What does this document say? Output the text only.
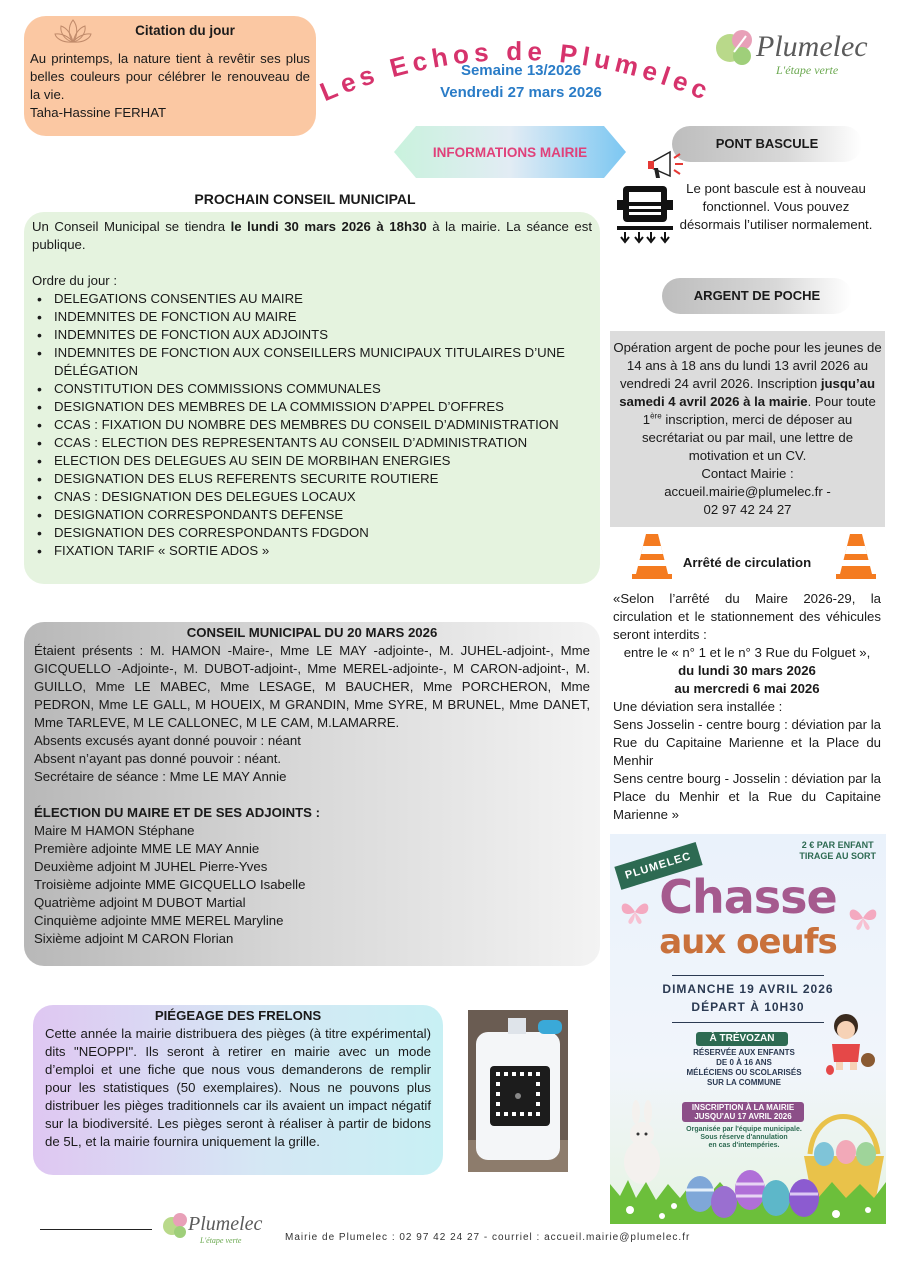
Citation du jour
Au printemps, la nature tient à revêtir ses plus belles couleurs pour célébrer le renouveau de la vie.
Taha-Hassine FERHAT
Les Echos de Plumelec
Semaine 13/2026
Vendredi 27 mars 2026
Plumelec
L'étape verte
INFORMATIONS MAIRIE
PROCHAIN CONSEIL MUNICIPAL
Un Conseil Municipal se tiendra le lundi 30 mars 2026 à 18h30 à la mairie. La séance est publique.
Ordre du jour :
• DELEGATIONS CONSENTIES AU MAIRE
• INDEMNITES DE FONCTION AU MAIRE
• INDEMNITES DE FONCTION AUX ADJOINTS
• INDEMNITES DE FONCTION AUX CONSEILLERS MUNICIPAUX TITULAIRES D’UNE DÉLÉGATION
• CONSTITUTION DES COMMISSIONS COMMUNALES
• DESIGNATION DES MEMBRES DE LA COMMISSION D’APPEL D’OFFRES
• CCAS : FIXATION DU NOMBRE DES MEMBRES DU CONSEIL D’ADMINISTRATION
• CCAS : ELECTION DES REPRESENTANTS AU CONSEIL D’ADMINISTRATION
• ELECTION DES DELEGUES AU SEIN DE MORBIHAN ENERGIES
• DESIGNATION DES ELUS REFERENTS SECURITE ROUTIERE
• CNAS : DESIGNATION DES DELEGUES LOCAUX
• DESIGNATION CORRESPONDANTS DEFENSE
• DESIGNATION DES CORRESPONDANTS FDGDON
• FIXATION TARIF « SORTIE ADOS »
CONSEIL MUNICIPAL DU 20 MARS 2026
Étaient présents : M. HAMON -Maire-, Mme LE MAY -adjointe-, M. JUHEL-adjoint-, Mme GICQUELLO -Adjointe-, M. DUBOT-adjoint-, Mme MEREL-adjointe-, M CARON-adjoint-, M. GUILLO, Mme LE MABEC, Mme LESAGE, M BAUCHER, Mme PORCHERON, Mme PEDRON, Mme LE GALL, M HOUEIX, M GRANDIN, Mme SYRE, M BRUNEL, Mme DANET, Mme TARLEVE, M LE CALLONEC, M LE CAM, M.LAMARRE.
Absents excusés ayant donné pouvoir : néant
Absent n’ayant pas donné pouvoir : néant.
Secrétaire de séance : Mme LE MAY Annie
ÉLECTION DU MAIRE ET DE SES ADJOINTS :
Maire M HAMON Stéphane
Première adjointe MME LE MAY Annie
Deuxième adjoint M JUHEL Pierre-Yves
Troisième adjointe MME GICQUELLO Isabelle
Quatrième adjoint M DUBOT Martial
Cinquième adjointe MME MEREL Maryline
Sixième adjoint M CARON Florian
PIÉGEAGE DES FRELONS
Cette année la mairie distribuera des pièges (à titre expérimental) dits "NEOPPI". Ils seront à retirer en mairie avec un mode d’emploi et une fiche que nous vous demanderons de remplir pour les statistiques (50 exemplaires). Nous ne pouvons plus distribuer les pièges traditionnels car ils avaient un impact négatif sur la biodiversité. Les pièges seront à réaliser à partir de bidons de 5L, et la mairie fournira uniquement la grille.
PONT BASCULE
Le pont bascule est à nouveau fonctionnel. Vous pouvez désormais l’utiliser normalement.
ARGENT DE POCHE
Opération argent de poche pour les jeunes de 14 ans à 18 ans du lundi 13 avril 2026 au vendredi 24 avril 2026. Inscription jusqu’au samedi 4 avril 2026 à la mairie. Pour toute 1ère inscription, merci de déposer au secrétariat ou par mail, une lettre de motivation et un CV.
Contact Mairie :
accueil.mairie@plumelec.fr -
02 97 42 24 27
Arrêté de circulation
«Selon l’arrêté du Maire 2026-29, la circulation et le stationnement des véhicules seront interdits :
entre le « n° 1 et le n° 3 Rue du Folguet »,
du lundi 30 mars 2026
au mercredi 6 mai 2026
Une déviation sera installée :
Sens Josselin - centre bourg : déviation par la Rue du Capitaine Marienne et la Place du Menhir
Sens centre bourg - Josselin : déviation par la Place du Menhir et la Rue du Capitaine Marienne »
PLUMELEC
2 € PAR ENFANT
TIRAGE AU SORT
Chasse
aux oeufs
DIMANCHE 19 AVRIL 2026
DÉPART À 10H30
À TRÉVOZAN
RÉSERVÉE AUX ENFANTS
DE 0 À 16 ANS
MÉLÉCIENS OU SCOLARISÉS
SUR LA COMMUNE
INSCRIPTION À LA MAIRIE
JUSQU'AU 17 AVRIL 2026
Organisée par l'équipe municipale.
Sous réserve d'annulation
en cas d'intempéries.
Plumelec
L'étape verte	Mairie de Plumelec : 02 97 42 24 27 - courriel : accueil.mairie@plumelec.fr
